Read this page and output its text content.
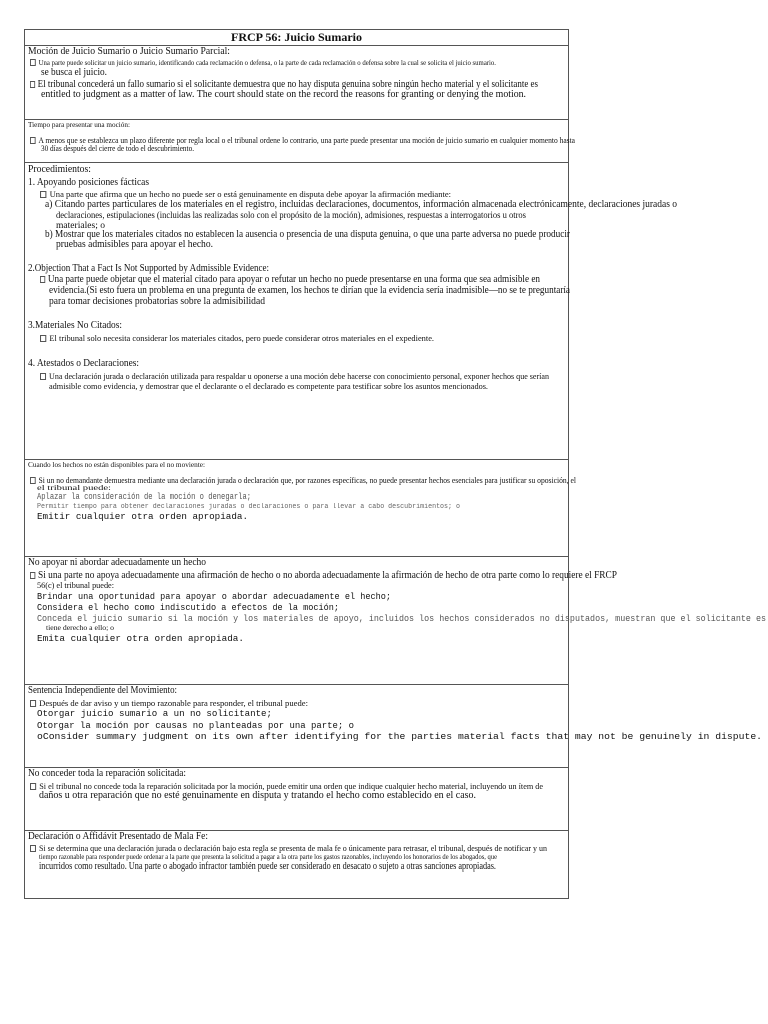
FRCP 56: Juicio Sumario

Moción de Juicio Sumario o Juicio Sumario Parcial:
Una parte puede solicitar un juicio sumario, identificando cada reclamación o defensa, o la parte de cada reclamación o defensa sobre la cual se solicita el juicio sumario.
se busca el juicio.
El tribunal concederá un fallo sumario si el solicitante demuestra que no hay disputa genuina sobre ningún hecho material y el solicitante es
entitled to judgment as a matter of law. The court should state on the record the reasons for granting or denying the motion.

Tiempo para presentar una moción:
A menos que se establezca un plazo diferente por regla local o el tribunal ordene lo contrario, una parte puede presentar una moción de juicio sumario en cualquier momento hasta
30 días después del cierre de todo el descubrimiento.

Procedimientos:
1. Apoyando posiciones fácticas
Una parte que afirma que un hecho no puede ser o está genuinamente en disputa debe apoyar la afirmación mediante:
a) Citando partes particulares de los materiales en el registro, incluidas declaraciones, documentos, información almacenada electrónicamente, declaraciones juradas o
declaraciones, estipulaciones (incluidas las realizadas solo con el propósito de la moción), admisiones, respuestas a interrogatorios u otros
materiales; o
b) Mostrar que los materiales citados no establecen la ausencia o presencia de una disputa genuina, o que una parte adversa no puede producir
pruebas admisibles para apoyar el hecho.
2.Objection That a Fact Is Not Supported by Admissible Evidence:
Una parte puede objetar que el material citado para apoyar o refutar un hecho no puede presentarse en una forma que sea admisible en
evidencia.(Si esto fuera un problema en una pregunta de examen, los hechos te dirían que la evidencia sería inadmisible—no se te preguntaría
para tomar decisiones probatorias sobre la admisibilidad
3.Materiales No Citados:
El tribunal solo necesita considerar los materiales citados, pero puede considerar otros materiales en el expediente.
4. Atestados o Declaraciones:
Una declaración jurada o declaración utilizada para respaldar u oponerse a una moción debe hacerse con conocimiento personal, exponer hechos que serían
admisible como evidencia, y demostrar que el declarante o el declarado es competente para testificar sobre los asuntos mencionados.

Cuando los hechos no están disponibles para el no moviente:
Si un no demandante demuestra mediante una declaración jurada o declaración que, por razones específicas, no puede presentar hechos esenciales para justificar su oposición, el
el tribunal puede:
Aplazar la consideración de la moción o denegarla;
Permitir tiempo para obtener declaraciones juradas o declaraciones o para llevar a cabo descubrimientos; o
Emitir cualquier otra orden apropiada.

No apoyar ni abordar adecuadamente un hecho
Si una parte no apoya adecuadamente una afirmación de hecho o no aborda adecuadamente la afirmación de hecho de otra parte como lo requiere el FRCP
56(c) el tribunal puede:
Brindar una oportunidad para apoyar o abordar adecuadamente el hecho;
Considera el hecho como indiscutido a efectos de la moción;
Conceda el juicio sumario si la moción y los materiales de apoyo, incluidos los hechos considerados no disputados, muestran que el solicitante es
tiene derecho a ello; o
Emita cualquier otra orden apropiada.

Sentencia Independiente del Movimiento:
Después de dar aviso y un tiempo razonable para responder, el tribunal puede:
Otorgar juicio sumario a un no solicitante;
Otorgar la moción por causas no planteadas por una parte; o
oConsider summary judgment on its own after identifying for the parties material facts that may not be genuinely in dispute.

No conceder toda la reparación solicitada:
Si el tribunal no concede toda la reparación solicitada por la moción, puede emitir una orden que indique cualquier hecho material, incluyendo un ítem de
daños u otra reparación que no esté genuinamente en disputa y tratando el hecho como establecido en el caso.

Declaración o Affidávit Presentado de Mala Fe:
Si se determina que una declaración jurada o declaración bajo esta regla se presenta de mala fe o únicamente para retrasar, el tribunal, después de notificar y un
tiempo razonable para responder puede ordenar a la parte que presenta la solicitud a pagar a la otra parte los gastos razonables, incluyendo los honorarios de los abogados, que
incurridos como resultado. Una parte o abogado infractor también puede ser considerado en desacato o sujeto a otras sanciones apropiadas.
